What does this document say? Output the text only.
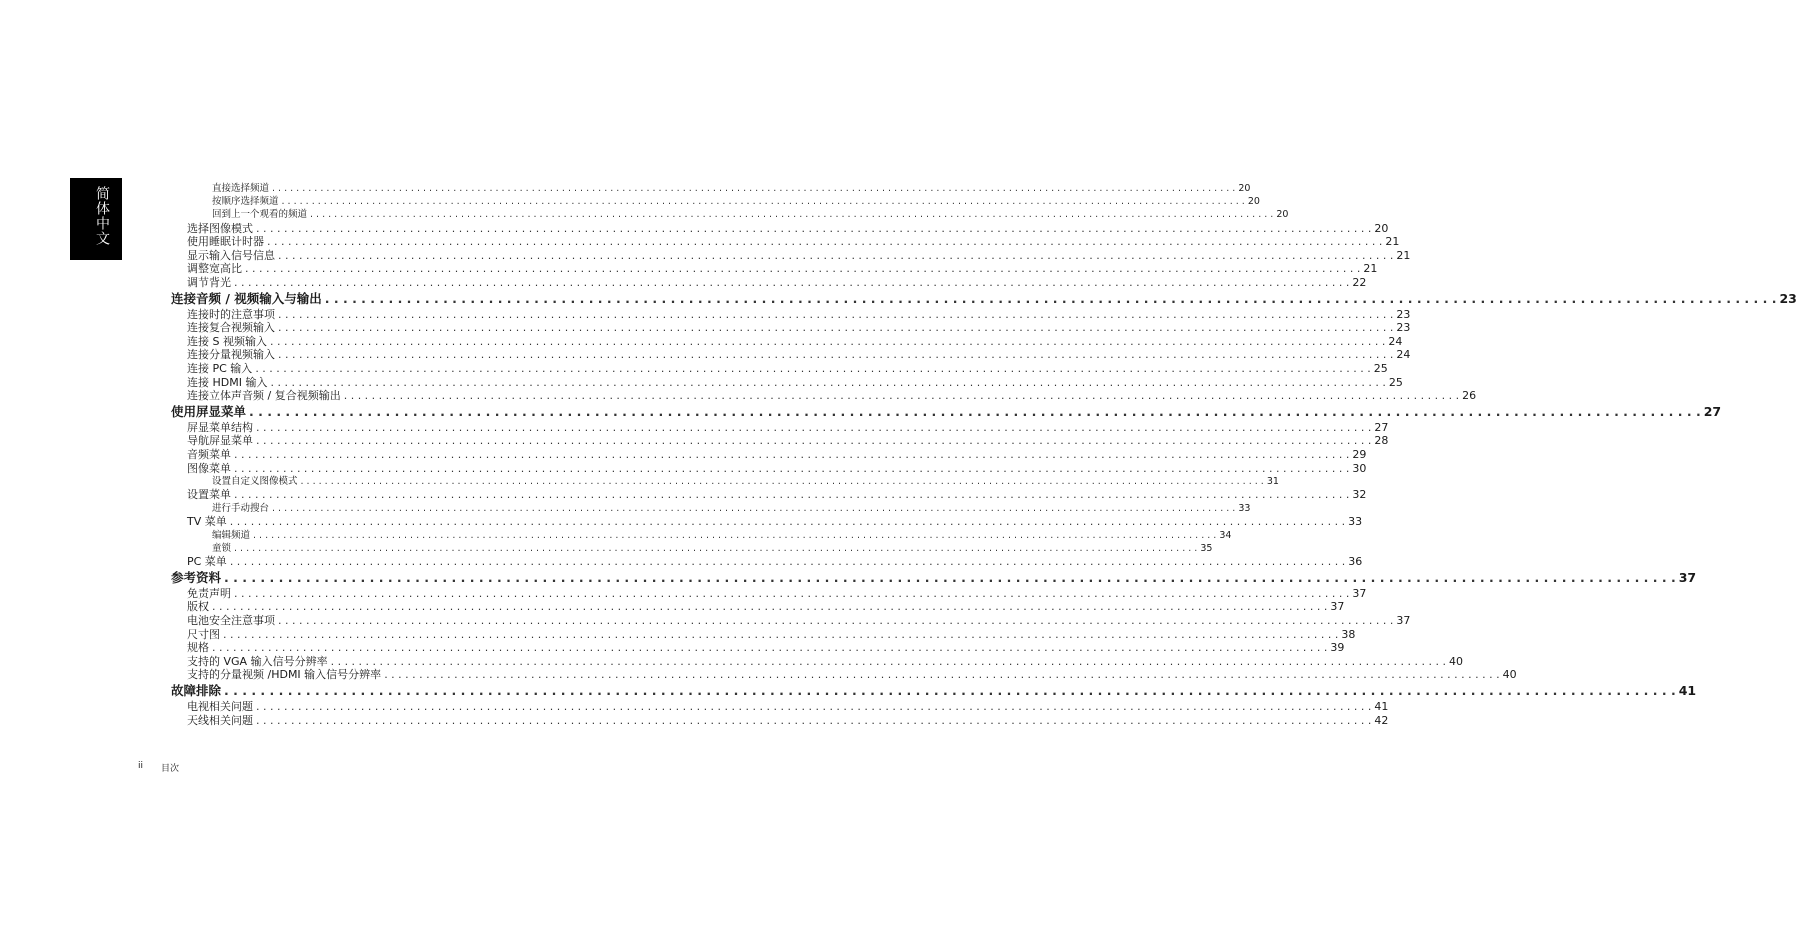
简体中文	直接选择频道 . . . . . . . . . . . . . . . . . . . . . . . . . . . . . . . . . . . . . . . . . . . . . . . . . . . . . . . . . . . . . . . . . . . . . . . . . . . . . . . . . . . . . . . . . . . . . . . . . . . . . . . . . . . . . . . . . . . . . . . . . . . . . . . . . . . . . . . . . . . . . . . . . . . . . . . . . . . . . . . . 20
按顺序选择频道 . . . . . . . . . . . . . . . . . . . . . . . . . . . . . . . . . . . . . . . . . . . . . . . . . . . . . . . . . . . . . . . . . . . . . . . . . . . . . . . . . . . . . . . . . . . . . . . . . . . . . . . . . . . . . . . . . . . . . . . . . . . . . . . . . . . . . . . . . . . . . . . . . . . . . . . . . . . . . . . . 20
回到上一个观看的频道 . . . . . . . . . . . . . . . . . . . . . . . . . . . . . . . . . . . . . . . . . . . . . . . . . . . . . . . . . . . . . . . . . . . . . . . . . . . . . . . . . . . . . . . . . . . . . . . . . . . . . . . . . . . . . . . . . . . . . . . . . . . . . . . . . . . . . . . . . . . . . . . . . . . . . . . . . . . . . . . . 20
选择图像模式 . . . . . . . . . . . . . . . . . . . . . . . . . . . . . . . . . . . . . . . . . . . . . . . . . . . . . . . . . . . . . . . . . . . . . . . . . . . . . . . . . . . . . . . . . . . . . . . . . . . . . . . . . . . . . . . . . . . . . . . . . . . . . . . . . . . . . . . . . . . . . . . . . . . . . . . . . . . . . . . . 20
使用睡眠计时器 . . . . . . . . . . . . . . . . . . . . . . . . . . . . . . . . . . . . . . . . . . . . . . . . . . . . . . . . . . . . . . . . . . . . . . . . . . . . . . . . . . . . . . . . . . . . . . . . . . . . . . . . . . . . . . . . . . . . . . . . . . . . . . . . . . . . . . . . . . . . . . . . . . . . . . . . . . . . . . . . 21
显示输入信号信息 . . . . . . . . . . . . . . . . . . . . . . . . . . . . . . . . . . . . . . . . . . . . . . . . . . . . . . . . . . . . . . . . . . . . . . . . . . . . . . . . . . . . . . . . . . . . . . . . . . . . . . . . . . . . . . . . . . . . . . . . . . . . . . . . . . . . . . . . . . . . . . . . . . . . . . . . . . . . . . . . 21
调整宽高比 . . . . . . . . . . . . . . . . . . . . . . . . . . . . . . . . . . . . . . . . . . . . . . . . . . . . . . . . . . . . . . . . . . . . . . . . . . . . . . . . . . . . . . . . . . . . . . . . . . . . . . . . . . . . . . . . . . . . . . . . . . . . . . . . . . . . . . . . . . . . . . . . . . . . . . . . . . . . . . . . 21
调节背光 . . . . . . . . . . . . . . . . . . . . . . . . . . . . . . . . . . . . . . . . . . . . . . . . . . . . . . . . . . . . . . . . . . . . . . . . . . . . . . . . . . . . . . . . . . . . . . . . . . . . . . . . . . . . . . . . . . . . . . . . . . . . . . . . . . . . . . . . . . . . . . . . . . . . . . . . . . . . . . . . 22
连接音频 / 视频输入与输出 . . . . . . . . . . . . . . . . . . . . . . . . . . . . . . . . . . . . . . . . . . . . . . . . . . . . . . . . . . . . . . . . . . . . . . . . . . . . . . . . . . . . . . . . . . . . . . . . . . . . . . . . . . . . . . . . . . . . . . . . . . . . . . . . . . . . . . . . . . . . . . . . . . . . . . . . . . . . . . . . 23
连接时的注意事项 . . . . . . . . . . . . . . . . . . . . . . . . . . . . . . . . . . . . . . . . . . . . . . . . . . . . . . . . . . . . . . . . . . . . . . . . . . . . . . . . . . . . . . . . . . . . . . . . . . . . . . . . . . . . . . . . . . . . . . . . . . . . . . . . . . . . . . . . . . . . . . . . . . . . . . . . . . . . . . . . 23
连接复合视频输入 . . . . . . . . . . . . . . . . . . . . . . . . . . . . . . . . . . . . . . . . . . . . . . . . . . . . . . . . . . . . . . . . . . . . . . . . . . . . . . . . . . . . . . . . . . . . . . . . . . . . . . . . . . . . . . . . . . . . . . . . . . . . . . . . . . . . . . . . . . . . . . . . . . . . . . . . . . . . . . . . 23
连接 S 视频输入 . . . . . . . . . . . . . . . . . . . . . . . . . . . . . . . . . . . . . . . . . . . . . . . . . . . . . . . . . . . . . . . . . . . . . . . . . . . . . . . . . . . . . . . . . . . . . . . . . . . . . . . . . . . . . . . . . . . . . . . . . . . . . . . . . . . . . . . . . . . . . . . . . . . . . . . . . . . . . . . . 24
连接分量视频输入 . . . . . . . . . . . . . . . . . . . . . . . . . . . . . . . . . . . . . . . . . . . . . . . . . . . . . . . . . . . . . . . . . . . . . . . . . . . . . . . . . . . . . . . . . . . . . . . . . . . . . . . . . . . . . . . . . . . . . . . . . . . . . . . . . . . . . . . . . . . . . . . . . . . . . . . . . . . . . . . . 24
连接 PC 输入 . . . . . . . . . . . . . . . . . . . . . . . . . . . . . . . . . . . . . . . . . . . . . . . . . . . . . . . . . . . . . . . . . . . . . . . . . . . . . . . . . . . . . . . . . . . . . . . . . . . . . . . . . . . . . . . . . . . . . . . . . . . . . . . . . . . . . . . . . . . . . . . . . . . . . . . . . . . . . . . . 25
连接 HDMI 输入 . . . . . . . . . . . . . . . . . . . . . . . . . . . . . . . . . . . . . . . . . . . . . . . . . . . . . . . . . . . . . . . . . . . . . . . . . . . . . . . . . . . . . . . . . . . . . . . . . . . . . . . . . . . . . . . . . . . . . . . . . . . . . . . . . . . . . . . . . . . . . . . . . . . . . . . . . . . . . . . . 25
连接立体声音频 / 复合视频输出 . . . . . . . . . . . . . . . . . . . . . . . . . . . . . . . . . . . . . . . . . . . . . . . . . . . . . . . . . . . . . . . . . . . . . . . . . . . . . . . . . . . . . . . . . . . . . . . . . . . . . . . . . . . . . . . . . . . . . . . . . . . . . . . . . . . . . . . . . . . . . . . . . . . . . . . . . . . . . . . . 26
使用屏显菜单 . . . . . . . . . . . . . . . . . . . . . . . . . . . . . . . . . . . . . . . . . . . . . . . . . . . . . . . . . . . . . . . . . . . . . . . . . . . . . . . . . . . . . . . . . . . . . . . . . . . . . . . . . . . . . . . . . . . . . . . . . . . . . . . . . . . . . . . . . . . . . . . . . . . . . . . . . . . . . . . . 27
屏显菜单结构 . . . . . . . . . . . . . . . . . . . . . . . . . . . . . . . . . . . . . . . . . . . . . . . . . . . . . . . . . . . . . . . . . . . . . . . . . . . . . . . . . . . . . . . . . . . . . . . . . . . . . . . . . . . . . . . . . . . . . . . . . . . . . . . . . . . . . . . . . . . . . . . . . . . . . . . . . . . . . . . . 27
导航屏显菜单 . . . . . . . . . . . . . . . . . . . . . . . . . . . . . . . . . . . . . . . . . . . . . . . . . . . . . . . . . . . . . . . . . . . . . . . . . . . . . . . . . . . . . . . . . . . . . . . . . . . . . . . . . . . . . . . . . . . . . . . . . . . . . . . . . . . . . . . . . . . . . . . . . . . . . . . . . . . . . . . . 28
音频菜单 . . . . . . . . . . . . . . . . . . . . . . . . . . . . . . . . . . . . . . . . . . . . . . . . . . . . . . . . . . . . . . . . . . . . . . . . . . . . . . . . . . . . . . . . . . . . . . . . . . . . . . . . . . . . . . . . . . . . . . . . . . . . . . . . . . . . . . . . . . . . . . . . . . . . . . . . . . . . . . . . 29
图像菜单 . . . . . . . . . . . . . . . . . . . . . . . . . . . . . . . . . . . . . . . . . . . . . . . . . . . . . . . . . . . . . . . . . . . . . . . . . . . . . . . . . . . . . . . . . . . . . . . . . . . . . . . . . . . . . . . . . . . . . . . . . . . . . . . . . . . . . . . . . . . . . . . . . . . . . . . . . . . . . . . . 30
设置自定义图像模式 . . . . . . . . . . . . . . . . . . . . . . . . . . . . . . . . . . . . . . . . . . . . . . . . . . . . . . . . . . . . . . . . . . . . . . . . . . . . . . . . . . . . . . . . . . . . . . . . . . . . . . . . . . . . . . . . . . . . . . . . . . . . . . . . . . . . . . . . . . . . . . . . . . . . . . . . . . . . . . . . 31
设置菜单 . . . . . . . . . . . . . . . . . . . . . . . . . . . . . . . . . . . . . . . . . . . . . . . . . . . . . . . . . . . . . . . . . . . . . . . . . . . . . . . . . . . . . . . . . . . . . . . . . . . . . . . . . . . . . . . . . . . . . . . . . . . . . . . . . . . . . . . . . . . . . . . . . . . . . . . . . . . . . . . . 32
进行手动搜台 . . . . . . . . . . . . . . . . . . . . . . . . . . . . . . . . . . . . . . . . . . . . . . . . . . . . . . . . . . . . . . . . . . . . . . . . . . . . . . . . . . . . . . . . . . . . . . . . . . . . . . . . . . . . . . . . . . . . . . . . . . . . . . . . . . . . . . . . . . . . . . . . . . . . . . . . . . . . . . . . 33
TV 菜单 . . . . . . . . . . . . . . . . . . . . . . . . . . . . . . . . . . . . . . . . . . . . . . . . . . . . . . . . . . . . . . . . . . . . . . . . . . . . . . . . . . . . . . . . . . . . . . . . . . . . . . . . . . . . . . . . . . . . . . . . . . . . . . . . . . . . . . . . . . . . . . . . . . . . . . . . . . . . . . . . 33
编辑频道 . . . . . . . . . . . . . . . . . . . . . . . . . . . . . . . . . . . . . . . . . . . . . . . . . . . . . . . . . . . . . . . . . . . . . . . . . . . . . . . . . . . . . . . . . . . . . . . . . . . . . . . . . . . . . . . . . . . . . . . . . . . . . . . . . . . . . . . . . . . . . . . . . . . . . . . . . . . . . . . . 34
童锁 . . . . . . . . . . . . . . . . . . . . . . . . . . . . . . . . . . . . . . . . . . . . . . . . . . . . . . . . . . . . . . . . . . . . . . . . . . . . . . . . . . . . . . . . . . . . . . . . . . . . . . . . . . . . . . . . . . . . . . . . . . . . . . . . . . . . . . . . . . . . . . . . . . . . . . . . . . . . . . . . 35
PC 菜单 . . . . . . . . . . . . . . . . . . . . . . . . . . . . . . . . . . . . . . . . . . . . . . . . . . . . . . . . . . . . . . . . . . . . . . . . . . . . . . . . . . . . . . . . . . . . . . . . . . . . . . . . . . . . . . . . . . . . . . . . . . . . . . . . . . . . . . . . . . . . . . . . . . . . . . . . . . . . . . . . 36
参考资料 . . . . . . . . . . . . . . . . . . . . . . . . . . . . . . . . . . . . . . . . . . . . . . . . . . . . . . . . . . . . . . . . . . . . . . . . . . . . . . . . . . . . . . . . . . . . . . . . . . . . . . . . . . . . . . . . . . . . . . . . . . . . . . . . . . . . . . . . . . . . . . . . . . . . . . . . . . . . . . . . 37
免责声明 . . . . . . . . . . . . . . . . . . . . . . . . . . . . . . . . . . . . . . . . . . . . . . . . . . . . . . . . . . . . . . . . . . . . . . . . . . . . . . . . . . . . . . . . . . . . . . . . . . . . . . . . . . . . . . . . . . . . . . . . . . . . . . . . . . . . . . . . . . . . . . . . . . . . . . . . . . . . . . . . 37
版权 . . . . . . . . . . . . . . . . . . . . . . . . . . . . . . . . . . . . . . . . . . . . . . . . . . . . . . . . . . . . . . . . . . . . . . . . . . . . . . . . . . . . . . . . . . . . . . . . . . . . . . . . . . . . . . . . . . . . . . . . . . . . . . . . . . . . . . . . . . . . . . . . . . . . . . . . . . . . . . . . 37
电池安全注意事项 . . . . . . . . . . . . . . . . . . . . . . . . . . . . . . . . . . . . . . . . . . . . . . . . . . . . . . . . . . . . . . . . . . . . . . . . . . . . . . . . . . . . . . . . . . . . . . . . . . . . . . . . . . . . . . . . . . . . . . . . . . . . . . . . . . . . . . . . . . . . . . . . . . . . . . . . . . . . . . . . 37
尺寸图 . . . . . . . . . . . . . . . . . . . . . . . . . . . . . . . . . . . . . . . . . . . . . . . . . . . . . . . . . . . . . . . . . . . . . . . . . . . . . . . . . . . . . . . . . . . . . . . . . . . . . . . . . . . . . . . . . . . . . . . . . . . . . . . . . . . . . . . . . . . . . . . . . . . . . . . . . . . . . . . . 38
规格 . . . . . . . . . . . . . . . . . . . . . . . . . . . . . . . . . . . . . . . . . . . . . . . . . . . . . . . . . . . . . . . . . . . . . . . . . . . . . . . . . . . . . . . . . . . . . . . . . . . . . . . . . . . . . . . . . . . . . . . . . . . . . . . . . . . . . . . . . . . . . . . . . . . . . . . . . . . . . . . . 39
支持的 VGA 输入信号分辨率 . . . . . . . . . . . . . . . . . . . . . . . . . . . . . . . . . . . . . . . . . . . . . . . . . . . . . . . . . . . . . . . . . . . . . . . . . . . . . . . . . . . . . . . . . . . . . . . . . . . . . . . . . . . . . . . . . . . . . . . . . . . . . . . . . . . . . . . . . . . . . . . . . . . . . . . . . . . . . . . . 40
支持的分量视频 /HDMI 输入信号分辨率 . . . . . . . . . . . . . . . . . . . . . . . . . . . . . . . . . . . . . . . . . . . . . . . . . . . . . . . . . . . . . . . . . . . . . . . . . . . . . . . . . . . . . . . . . . . . . . . . . . . . . . . . . . . . . . . . . . . . . . . . . . . . . . . . . . . . . . . . . . . . . . . . . . . . . . . . . . . . . . . . 40
故障排除 . . . . . . . . . . . . . . . . . . . . . . . . . . . . . . . . . . . . . . . . . . . . . . . . . . . . . . . . . . . . . . . . . . . . . . . . . . . . . . . . . . . . . . . . . . . . . . . . . . . . . . . . . . . . . . . . . . . . . . . . . . . . . . . . . . . . . . . . . . . . . . . . . . . . . . . . . . . . . . . . 41
电视相关问题 . . . . . . . . . . . . . . . . . . . . . . . . . . . . . . . . . . . . . . . . . . . . . . . . . . . . . . . . . . . . . . . . . . . . . . . . . . . . . . . . . . . . . . . . . . . . . . . . . . . . . . . . . . . . . . . . . . . . . . . . . . . . . . . . . . . . . . . . . . . . . . . . . . . . . . . . . . . . . . . . 41
天线相关问题 . . . . . . . . . . . . . . . . . . . . . . . . . . . . . . . . . . . . . . . . . . . . . . . . . . . . . . . . . . . . . . . . . . . . . . . . . . . . . . . . . . . . . . . . . . . . . . . . . . . . . . . . . . . . . . . . . . . . . . . . . . . . . . . . . . . . . . . . . . . . . . . . . . . . . . . . . . . . . . . . 42
ii 目次
